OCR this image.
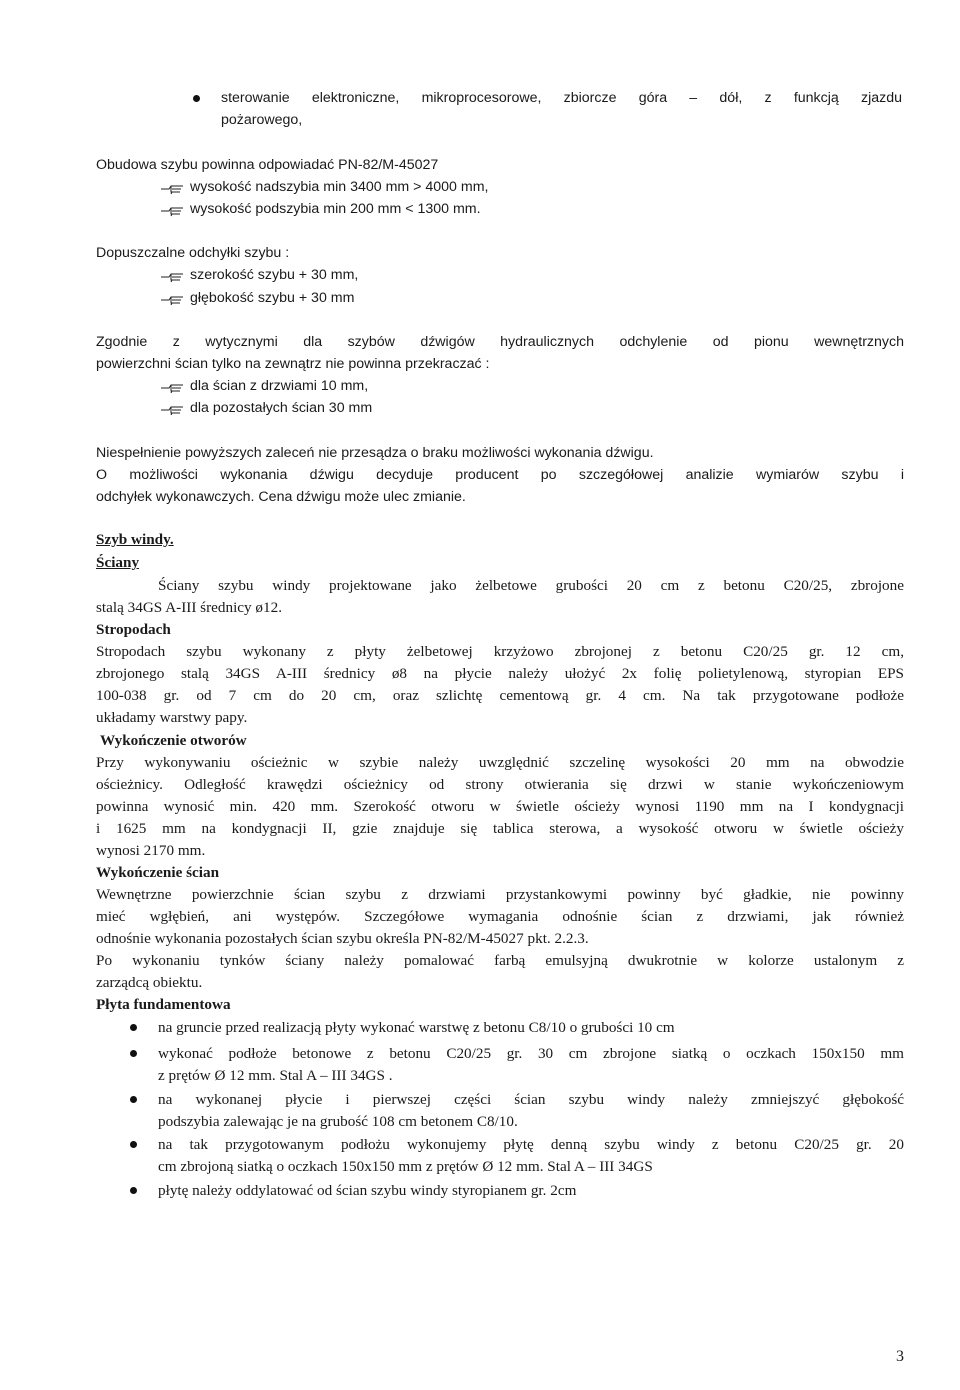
sterowanie elektroniczne, mikroprocesorowe, zbiorcze góra – dół, z funkcją zjazdu
pożarowego,
Obudowa szybu powinna odpowiadać PN-82/M-45027
wysokość nadszybia min 3400 mm > 4000 mm,
wysokość podszybia min 200 mm < 1300 mm.
Dopuszczalne odchyłki szybu :
szerokość szybu + 30 mm,
głębokość szybu + 30 mm
Zgodnie z wytycznymi dla szybów dźwigów hydraulicznych odchylenie od pionu wewnętrznych
powierzchni ścian tylko na zewnątrz nie powinna przekraczać :
dla ścian z drzwiami 10 mm,
dla pozostałych ścian 30 mm
Niespełnienie powyższych zaleceń nie przesądza o braku możliwości wykonania dźwigu.
O możliwości wykonania dźwigu decyduje producent po szczegółowej analizie wymiarów szybu i
odchyłek wykonawczych. Cena dźwigu może ulec zmianie.
Szyb windy.
Ściany
Ściany szybu windy projektowane jako żelbetowe grubości 20 cm z betonu C20/25, zbrojone
stalą 34GS A-III średnicy ø12.
Stropodach
Stropodach szybu wykonany z płyty żelbetowej krzyżowo zbrojonej z betonu C20/25 gr. 12 cm,
zbrojonego stalą 34GS A-III średnicy ø8 na płycie należy ułożyć 2x folię polietylenową, styropian EPS
100-038 gr. od 7 cm do 20 cm, oraz szlichtę cementową gr. 4 cm. Na tak przygotowane podłoże
układamy warstwy papy.
Wykończenie otworów
Przy wykonywaniu ościeżnic w szybie należy uwzględnić szczelinę wysokości 20 mm na obwodzie
ościeżnicy. Odległość krawędzi ościeżnicy od strony otwierania się drzwi w stanie wykończeniowym
powinna wynosić min. 420 mm. Szerokość otworu w świetle ościeży wynosi 1190 mm na I kondygnacji
i 1625 mm na kondygnacji II, gzie znajduje się tablica sterowa, a wysokość otworu w świetle ościeży
wynosi 2170 mm.
Wykończenie ścian
Wewnętrzne powierzchnie ścian szybu z drzwiami przystankowymi powinny być gładkie, nie powinny
mieć wgłębień, ani występów. Szczegółowe wymagania odnośnie ścian z drzwiami, jak również
odnośnie wykonania pozostałych ścian szybu określa PN-82/M-45027 pkt. 2.2.3.
Po wykonaniu tynków ściany należy pomalować farbą emulsyjną dwukrotnie w kolorze ustalonym z
zarządcą obiektu.
Płyta fundamentowa
na gruncie przed realizacją płyty wykonać warstwę z betonu C8/10 o grubości 10 cm
wykonać podłoże betonowe z betonu C20/25 gr. 30 cm zbrojone siatką o oczkach 150x150 mm
z prętów Ø 12 mm. Stal A – III 34GS .
na wykonanej płycie i pierwszej części ścian szybu windy należy zmniejszyć głębokość
podszybia zalewając je na grubość 108 cm betonem C8/10.
na tak przygotowanym podłożu wykonujemy płytę denną szybu windy z betonu C20/25 gr. 20
cm zbrojoną siatką o oczkach 150x150 mm z prętów Ø 12 mm. Stal A – III 34GS
płytę należy oddylatować od ścian szybu windy styropianem gr. 2cm
3
